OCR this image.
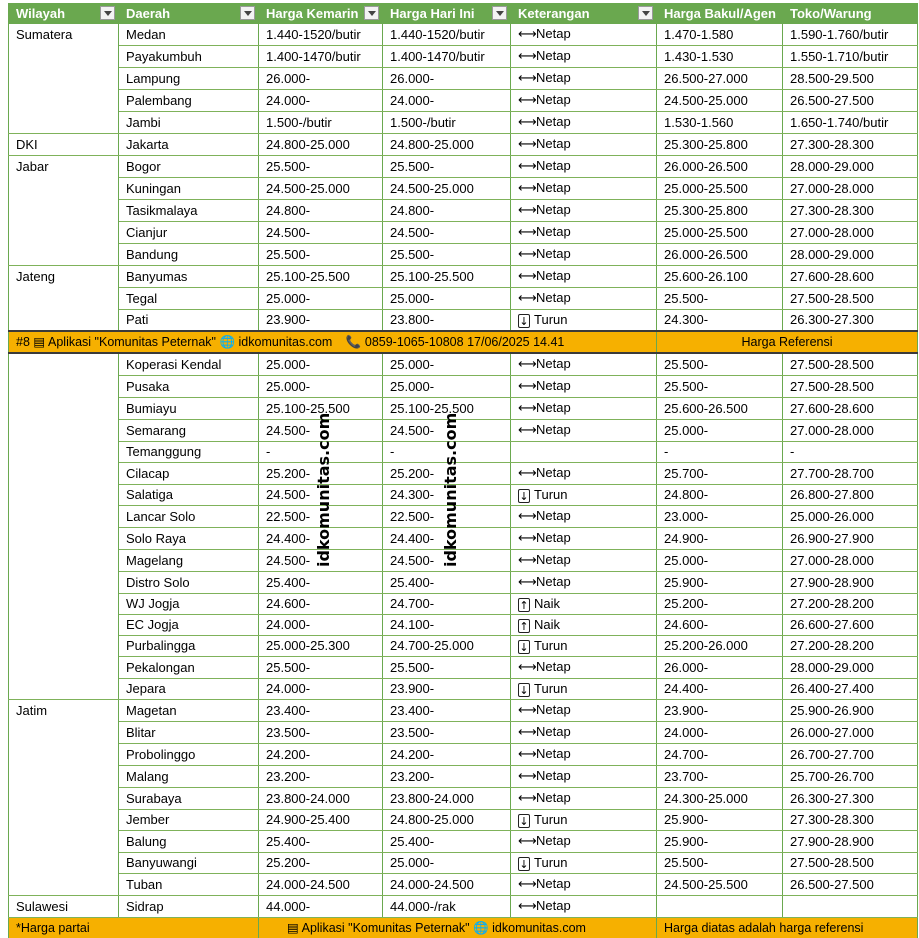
Wilayah	Daerah	Harga Kemarin	Harga Hari Ini	Keterangan	Harga Bakul/Agen	Toko/Warung
Sumatera	Medan	1.440-1520/butir	1.440-1520/butir	⟷Netap	1.470-1.580	1.590-1.760/butir
	Payakumbuh	1.400-1470/butir	1.400-1470/butir	⟷Netap	1.430-1.530	1.550-1.710/butir
	Lampung	26.000-	26.000-	⟷Netap	26.500-27.000	28.500-29.500
	Palembang	24.000-	24.000-	⟷Netap	24.500-25.000	26.500-27.500
	Jambi	1.500-/butir	1.500-/butir	⟷Netap	1.530-1.560	1.650-1.740/butir
DKI	Jakarta	24.800-25.000	24.800-25.000	⟷Netap	25.300-25.800	27.300-28.300
Jabar	Bogor	25.500-	25.500-	⟷Netap	26.000-26.500	28.000-29.000
	Kuningan	24.500-25.000	24.500-25.000	⟷Netap	25.000-25.500	27.000-28.000
	Tasikmalaya	24.800-	24.800-	⟷Netap	25.300-25.800	27.300-28.300
	Cianjur	24.500-	24.500-	⟷Netap	25.000-25.500	27.000-28.000
	Bandung	25.500-	25.500-	⟷Netap	26.000-26.500	28.000-29.000
Jateng	Banyumas	25.100-25.500	25.100-25.500	⟷Netap	25.600-26.100	27.600-28.600
	Tegal	25.000-	25.000-	⟷Netap	25.500-	27.500-28.500
	Pati	23.900-	23.800-	↓ Turun	24.300-	26.300-27.300
#8 ▤ Aplikasi "Komunitas Peternak" 🌐 idkomunitas.com 📞 0859-1065-10808 17/06/2025 14.41					Harga Referensi	
	Koperasi Kendal	25.000-	25.000-	⟷Netap	25.500-	27.500-28.500
	Pusaka	25.000-	25.000-	⟷Netap	25.500-	27.500-28.500
	Bumiayu	25.100-25.500	25.100-25.500	⟷Netap	25.600-26.500	27.600-28.600
	Semarang	24.500-	24.500-	⟷Netap	25.000-	27.000-28.000
	Temanggung	-	-		-	-
	Cilacap	25.200-	25.200-	⟷Netap	25.700-	27.700-28.700
	Salatiga	24.500-	24.300-	↓ Turun	24.800-	26.800-27.800
	Lancar Solo	22.500-	22.500-	⟷Netap	23.000-	25.000-26.000
	Solo Raya	24.400-	24.400-	⟷Netap	24.900-	26.900-27.900
	Magelang	24.500-	24.500-	⟷Netap	25.000-	27.000-28.000
	Distro Solo	25.400-	25.400-	⟷Netap	25.900-	27.900-28.900
	WJ Jogja	24.600-	24.700-	↑ Naik	25.200-	27.200-28.200
	EC Jogja	24.000-	24.100-	↑ Naik	24.600-	26.600-27.600
	Purbalingga	25.000-25.300	24.700-25.000	↓ Turun	25.200-26.000	27.200-28.200
	Pekalongan	25.500-	25.500-	⟷Netap	26.000-	28.000-29.000
	Jepara	24.000-	23.900-	↓ Turun	24.400-	26.400-27.400
Jatim	Magetan	23.400-	23.400-	⟷Netap	23.900-	25.900-26.900
	Blitar	23.500-	23.500-	⟷Netap	24.000-	26.000-27.000
	Probolinggo	24.200-	24.200-	⟷Netap	24.700-	26.700-27.700
	Malang	23.200-	23.200-	⟷Netap	23.700-	25.700-26.700
	Surabaya	23.800-24.000	23.800-24.000	⟷Netap	24.300-25.000	26.300-27.300
	Jember	24.900-25.400	24.800-25.000	↓ Turun	25.900-	27.300-28.300
	Balung	25.400-	25.400-	⟷Netap	25.900-	27.900-28.900
	Banyuwangi	25.200-	25.000-	↓ Turun	25.500-	27.500-28.500
	Tuban	24.000-24.500	24.000-24.500	⟷Netap	24.500-25.500	26.500-27.500
Sulawesi	Sidrap	44.000-	44.000-/rak	⟷Netap		
*Harga partai		▤ Aplikasi "Komunitas Peternak" 🌐 idkomunitas.com			Harga diatas adalah harga referensi	
idkomunitas.com	idkomunitas.com
